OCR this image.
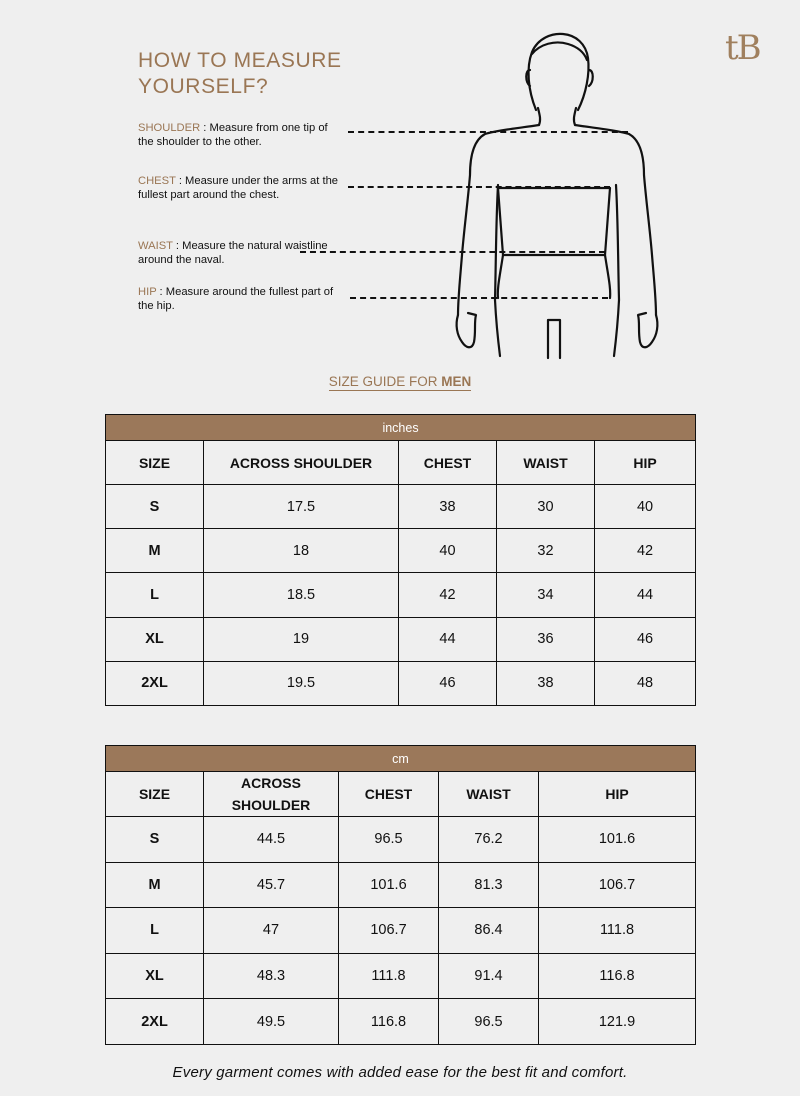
tB
HOW TO MEASURE
YOURSELF?
SHOULDER : Measure from one tip of the shoulder to the other.
CHEST : Measure under the arms at the fullest part around the chest.
WAIST : Measure the natural waistline around the naval.
HIP : Measure around the fullest part of the hip.
SIZE GUIDE FOR MEN
inches				
SIZE	ACROSS SHOULDER	CHEST	WAIST	HIP
S	17.5	38	30	40
M	18	40	32	42
L	18.5	42	34	44
XL	19	44	36	46
2XL	19.5	46	38	48
cm				
SIZE	ACROSS SHOULDER	CHEST	WAIST	HIP
S	44.5	96.5	76.2	101.6
M	45.7	101.6	81.3	106.7
L	47	106.7	86.4	111.8
XL	48.3	111.8	91.4	116.8
2XL	49.5	116.8	96.5	121.9
Every garment comes with added ease for the best fit and comfort.
